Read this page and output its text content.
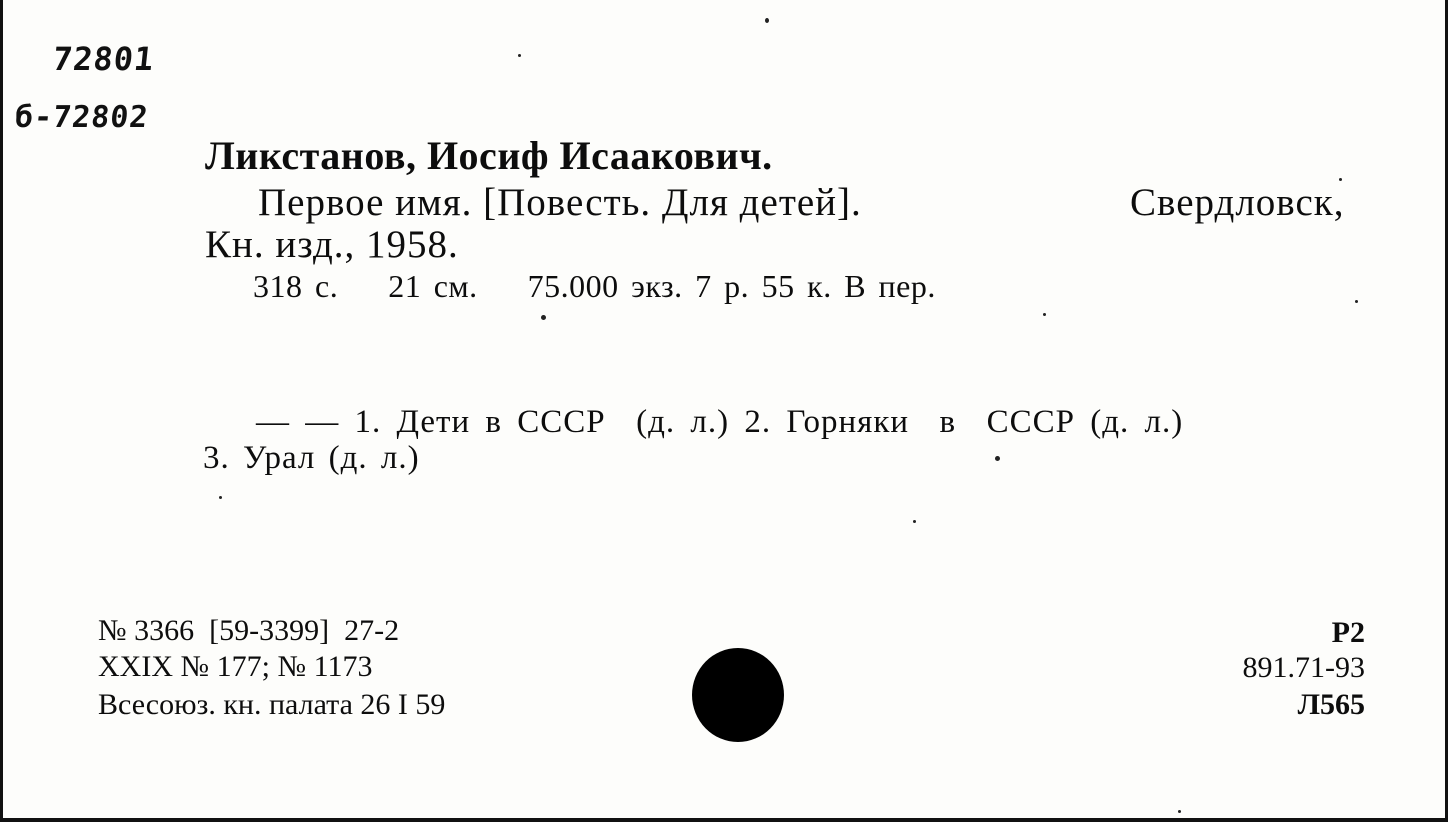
72801
б-72802
Ликстанов, Иосиф Исаакович.
Первое имя. [Повесть. Для детей].	Свердловск,
Кн. изд., 1958.
318 с.    21 см.    75.000 экз. 7 р. 55 к. В пер.
— — 1. Дети в СССР  (д. л.) 2. Горняки  в  СССР (д. л.)
3. Урал (д. л.)
№ 3366  [59-3399]  27-2
XXIX № 177; № 1173
Всесоюз. кн. палата 26 I 59
Р2
891.71-93
Л565
